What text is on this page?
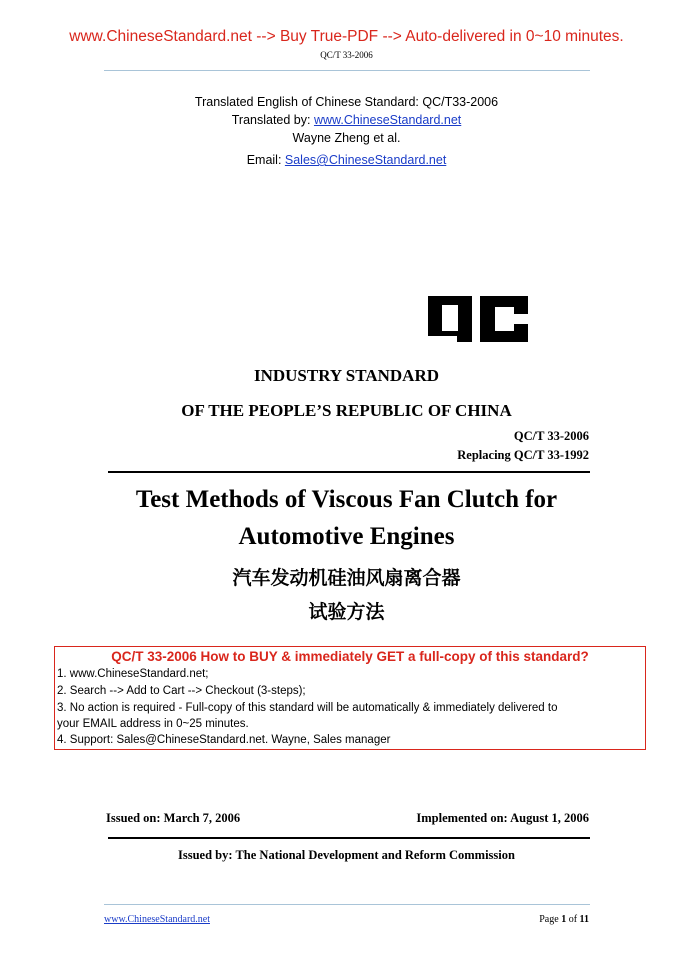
www.ChineseStandard.net --> Buy True-PDF --> Auto-delivered in 0~10 minutes.
QC/T 33-2006
Translated English of Chinese Standard: QC/T33-2006
Translated by: www.ChineseStandard.net
Wayne Zheng et al.
Email: Sales@ChineseStandard.net
INDUSTRY STANDARD
OF THE PEOPLE’S REPUBLIC OF CHINA
QC/T 33-2006
Replacing QC/T 33-1992
Test Methods of Viscous Fan Clutch for
Automotive Engines
汽车发动机硅油风扇离合器
试验方法
QC/T 33-2006 How to BUY & immediately GET a full-copy of this standard?
1. www.ChineseStandard.net;
2. Search --> Add to Cart --> Checkout (3-steps);
3. No action is required - Full-copy of this standard will be automatically & immediately delivered to
your EMAIL address in 0~25 minutes.
4. Support: Sales@ChineseStandard.net. Wayne, Sales manager
Issued on: March 7, 2006	Implemented on: August 1, 2006
Issued by: The National Development and Reform Commission
www.ChineseStandard.net	Page 1 of 11
